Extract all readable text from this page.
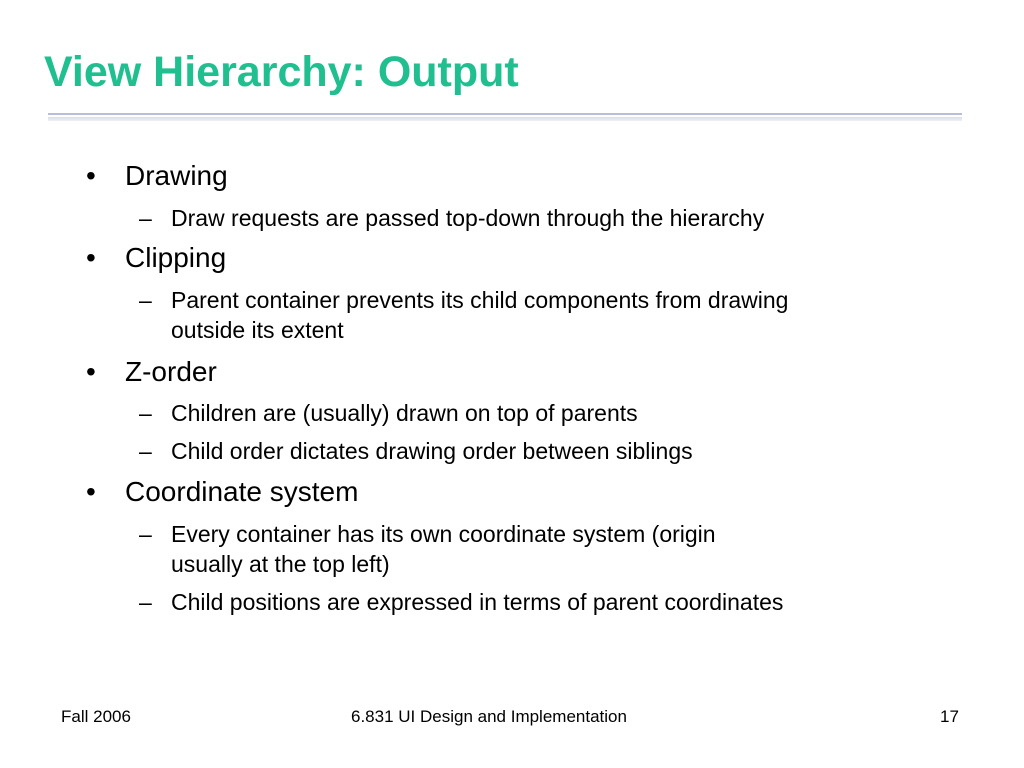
View Hierarchy: Output
• Drawing
– Draw requests are passed top-down through the hierarchy
• Clipping
– Parent container prevents its child components from drawing
outside its extent
• Z-order
– Children are (usually) drawn on top of parents
– Child order dictates drawing order between siblings
• Coordinate system
– Every container has its own coordinate system (origin
usually at the top left)
– Child positions are expressed in terms of parent coordinates
Fall 2006	6.831 UI Design and Implementation	17
